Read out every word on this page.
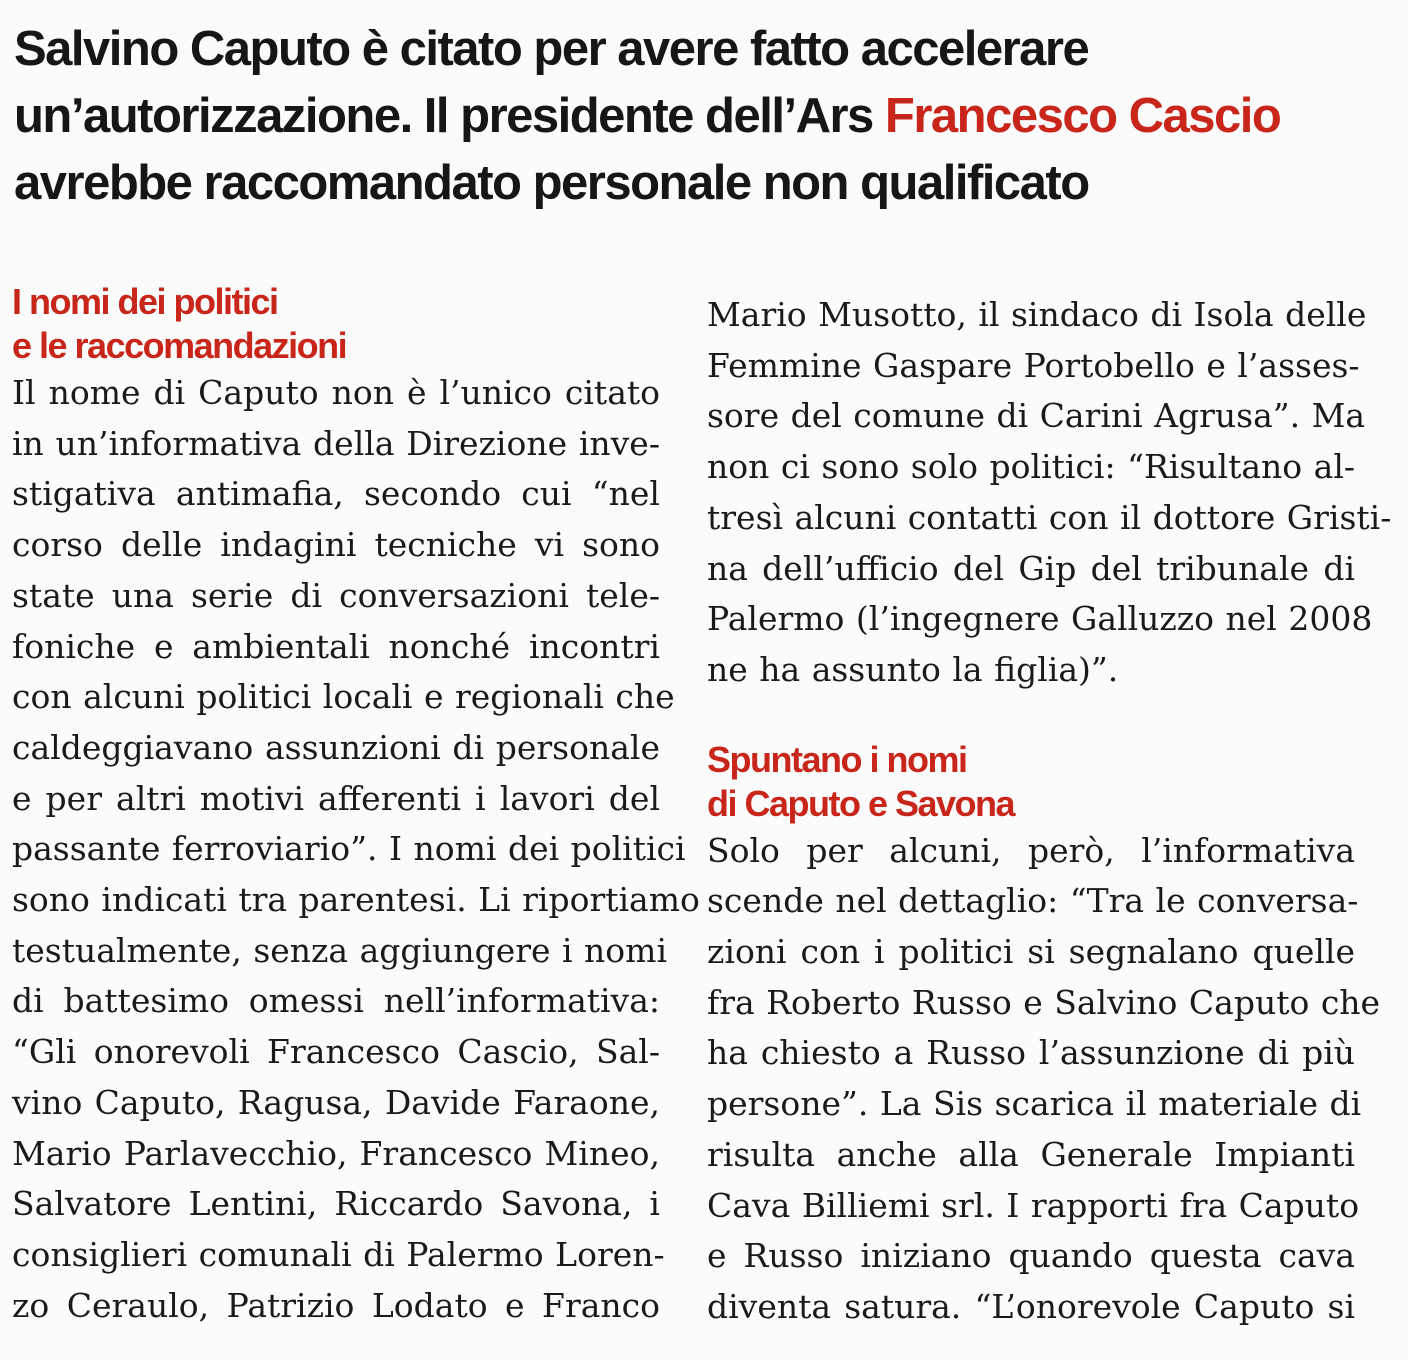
Salvino Caputo è citato per avere fatto accelerare un’autorizzazione. Il presidente dell’Ars Francesco Cascio avrebbe raccomandato personale non qualificato
I nomi dei politici
e le raccomandazioni
Il nome di Caputo non è l’unico citato
in un’informativa della Direzione inve-
stigativa antimafia, secondo cui “nel
corso delle indagini tecniche vi sono
state una serie di conversazioni tele-
foniche e ambientali nonché incontri
con alcuni politici locali e regionali che
caldeggiavano assunzioni di personale
e per altri motivi afferenti i lavori del
passante ferroviario”. I nomi dei politici
sono indicati tra parentesi. Li riportiamo
testualmente, senza aggiungere i nomi
di battesimo omessi nell’informativa:
“Gli onorevoli Francesco Cascio, Sal-
vino Caputo, Ragusa, Davide Faraone,
Mario Parlavecchio, Francesco Mineo,
Salvatore Lentini, Riccardo Savona, i
consiglieri comunali di Palermo Loren-
zo Ceraulo, Patrizio Lodato e Franco
Mario Musotto, il sindaco di Isola delle
Femmine Gaspare Portobello e l’asses-
sore del comune di Carini Agrusa”. Ma
non ci sono solo politici: “Risultano al-
tresì alcuni contatti con il dottore Gristi-
na dell’ufficio del Gip del tribunale di
Palermo (l’ingegnere Galluzzo nel 2008
ne ha assunto la figlia)”.
Spuntano i nomi
di Caputo e Savona
Solo per alcuni, però, l’informativa
scende nel dettaglio: “Tra le conversa-
zioni con i politici si segnalano quelle
fra Roberto Russo e Salvino Caputo che
ha chiesto a Russo l’assunzione di più
persone”. La Sis scarica il materiale di
risulta anche alla Generale Impianti
Cava Billiemi srl. I rapporti fra Caputo
e Russo iniziano quando questa cava
diventa satura. “L’onorevole Caputo si
